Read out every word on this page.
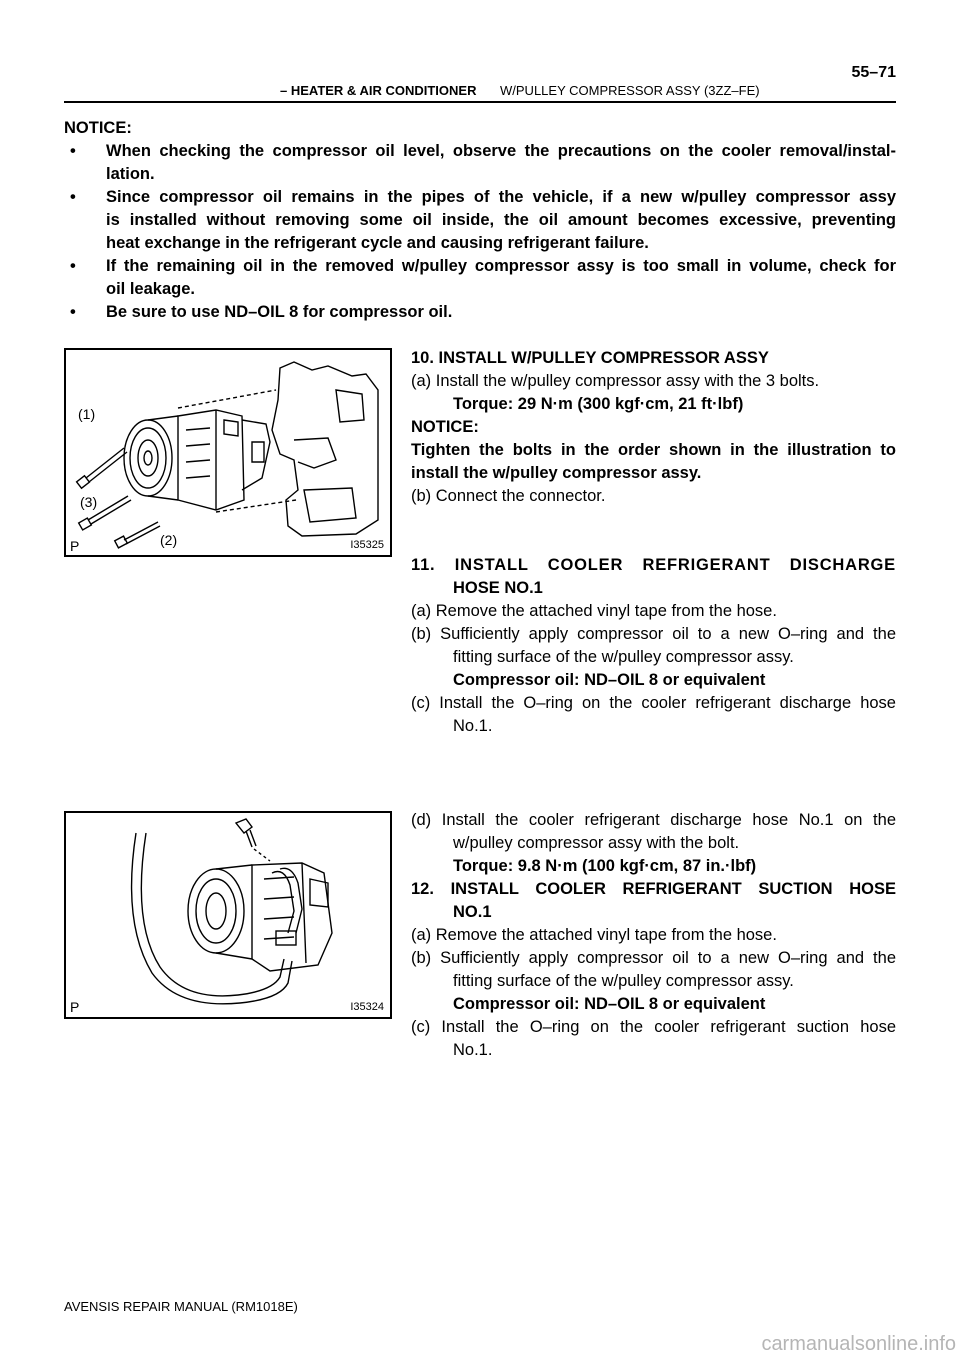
– HEATER & AIR CONDITIONER W/PULLEY COMPRESSOR ASSY (3ZZ–FE)
55–71
NOTICE:
• When checking the compressor oil level, observe the precautions on the cooler removal/instal-
lation.
• Since compressor oil remains in the pipes of the vehicle, if a new w/pulley compressor assy
is installed without removing some oil inside, the oil amount becomes excessive, preventing
heat exchange in the refrigerant cycle and causing refrigerant failure.
• If the remaining oil in the removed w/pulley compressor assy is too small in volume, check for
oil leakage.
• Be sure to use ND–OIL 8 for compressor oil.
(1)
(3)
(2)
P	I35325
10. INSTALL W/PULLEY COMPRESSOR ASSY
(a) Install the w/pulley compressor assy with the 3 bolts.
Torque: 29 N·m (300 kgf·cm, 21 ft·lbf)
NOTICE:
Tighten the bolts in the order shown in the illustration to
install the w/pulley compressor assy.
(b) Connect the connector.
11. INSTALL COOLER REFRIGERANT DISCHARGE
HOSE NO.1
(a) Remove the attached vinyl tape from the hose.
(b) Sufficiently apply compressor oil to a new O–ring and the
fitting surface of the w/pulley compressor assy.
Compressor oil: ND–OIL 8 or equivalent
(c) Install the O–ring on the cooler refrigerant discharge hose
No.1.
P	I35324
(d) Install the cooler refrigerant discharge hose No.1 on the
w/pulley compressor assy with the bolt.
Torque: 9.8 N·m (100 kgf·cm, 87 in.·lbf)
12. INSTALL COOLER REFRIGERANT SUCTION HOSE
NO.1
(a) Remove the attached vinyl tape from the hose.
(b) Sufficiently apply compressor oil to a new O–ring and the
fitting surface of the w/pulley compressor assy.
Compressor oil: ND–OIL 8 or equivalent
(c) Install the O–ring on the cooler refrigerant suction hose
No.1.
AVENSIS REPAIR MANUAL (RM1018E)
carmanualsonline.info
